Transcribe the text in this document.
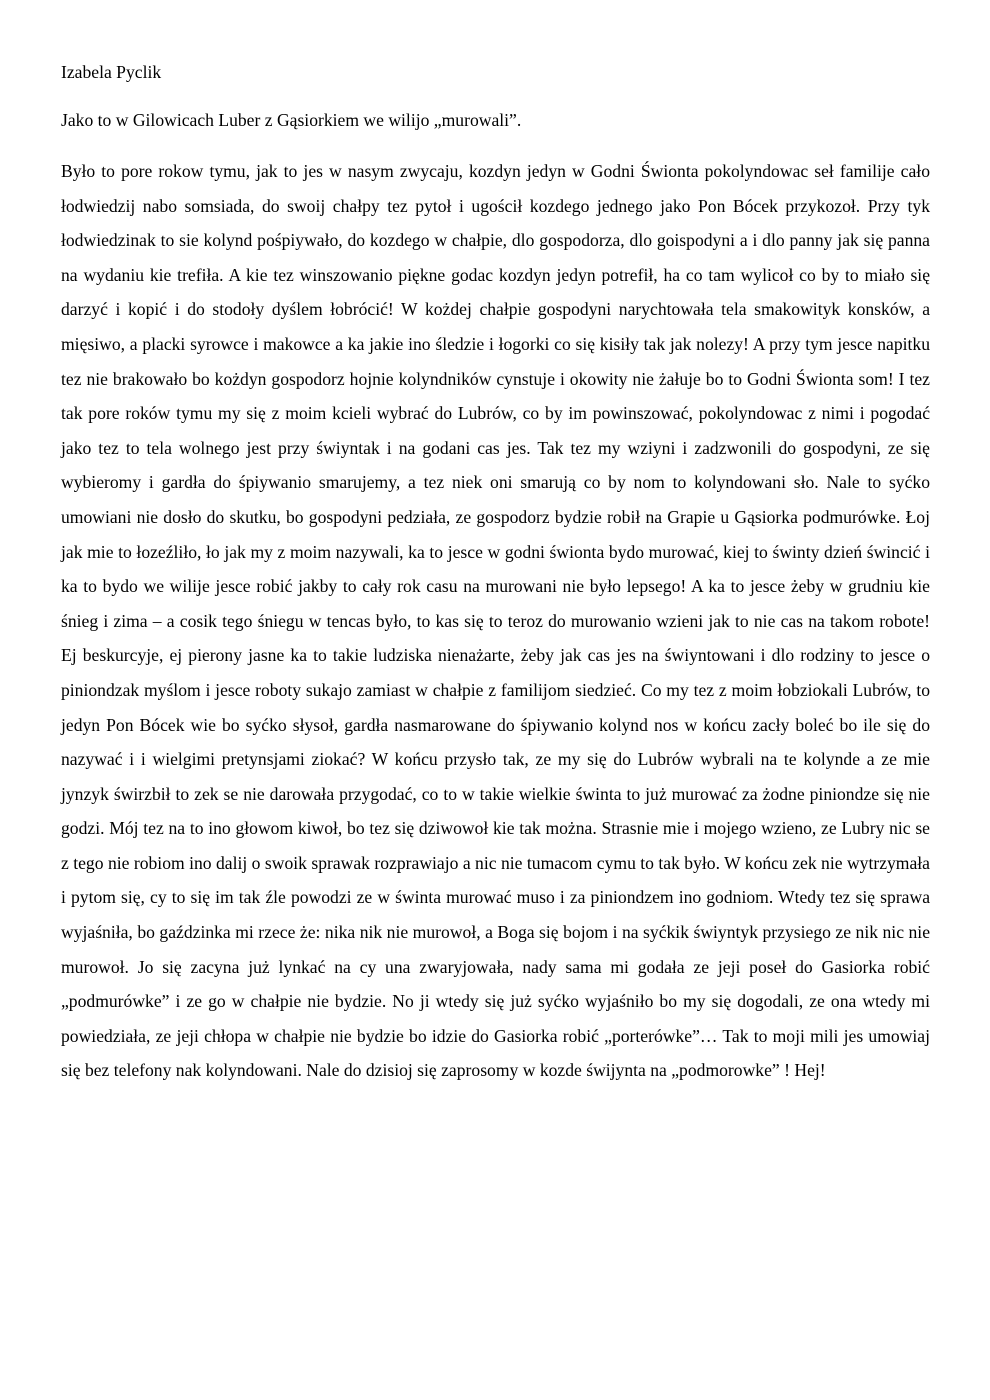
Izabela Pyclik

Jako to w Gilowicach Luber z Gąsiorkiem we wilijo „murowali”.

Było to pore rokow tymu, jak to jes w nasym zwycaju, kozdyn jedyn w Godni Świonta pokolyndowac seł familije cało łodwiedzij nabo somsiada, do swoij chałpy tez pytoł i ugościł kozdego jednego jako Pon Bócek przykozoł. Przy tyk łodwiedzinak to sie kolynd pośpiywało, do kozdego w chałpie, dlo gospodorza, dlo goispodyni a i dlo panny jak się panna na wydaniu kie trefiła. A kie tez winszowanio piękne godac kozdyn jedyn potrefił, ha co tam wylicoł co by to miało się darzyć i kopić i do stodoły dyślem łobrócić! W kożdej chałpie gospodyni narychtowała tela smakowityk konsków, a mięsiwo, a placki syrowce i makowce a ka jakie ino śledzie i łogorki co się kisiły tak jak nolezy! A przy tym jesce napitku tez nie brakowało bo kożdyn gospodorz hojnie kolyndników cynstuje i okowity nie żałuje bo to Godni Świonta som! I tez tak pore roków tymu my się z moim kcieli wybrać do Lubrów, co by im powinszować, pokolyndowac z nimi i pogodać jako tez to tela wolnego jest przy świyntak i na godani cas jes. Tak tez my wziyni i zadzwonili do gospodyni, ze się wybieromy i gardła do śpiywanio smarujemy, a tez niek oni smarują co by nom to kolyndowani sło. Nale to syćko umowiani nie dosło do skutku, bo gospodyni pedziała, ze gospodorz bydzie robił na Grapie u Gąsiorka podmurówke. Łoj jak mie to łozeźliło, ło jak my z moim nazywali, ka to jesce w godni świonta bydo murować, kiej to świnty dzień świncić i ka to bydo we wilije jesce robić jakby to cały rok casu na murowani nie było lepsego! A ka to jesce żeby w grudniu kie śnieg i zima – a cosik tego śniegu w tencas było, to kas się to teroz do murowanio wzieni jak to nie cas na takom robote! Ej beskurcyje, ej pierony jasne ka to takie ludziska nienażarte, żeby jak cas jes na świyntowani i dlo rodziny to jesce o piniondzak myślom i jesce roboty sukajo zamiast w chałpie z familijom siedzieć. Co my tez z moim łobziokali Lubrów, to jedyn Pon Bócek wie bo syćko słysoł, gardła nasmarowane do śpiywanio kolynd nos w końcu zacły boleć bo ile się do nazywać i i wielgimi pretynsjami ziokać? W końcu przysło tak, ze my się do Lubrów wybrali na te kolynde a ze mie jynzyk świrzbił to zek se nie darowała przygodać, co to w takie wielkie świnta to już murować za żodne piniondze się nie godzi. Mój tez na to ino głowom kiwoł, bo tez się dziwowoł kie tak można. Strasnie mie i mojego wzieno, ze Lubry nic se z tego nie robiom ino dalij o swoik sprawak rozprawiajo a nic nie tumacom cymu to tak było. W końcu zek nie wytrzymała i pytom się, cy to się im tak źle powodzi ze w świnta murować muso i za piniondzem ino godniom. Wtedy tez się sprawa wyjaśniła, bo gaździnka mi rzece że: nika nik nie murowoł, a Boga się bojom i na syćkik świyntyk przysiego ze nik nic nie murowoł. Jo się zacyna już lynkać na cy una zwaryjowała, nady sama mi godała ze jeji poseł do Gasiorka robić „podmurówke” i ze go w chałpie nie bydzie. No ji wtedy się już syćko wyjaśniło bo my się dogodali, ze ona wtedy mi powiedziała, ze jeji chłopa w chałpie nie bydzie bo idzie do Gasiorka robić „porterówke”… Tak to moji mili jes umowiaj się bez telefony nak kolyndowani. Nale do dzisioj się zaprosomy w kozde świjynta na „podmorowke” ! Hej!
